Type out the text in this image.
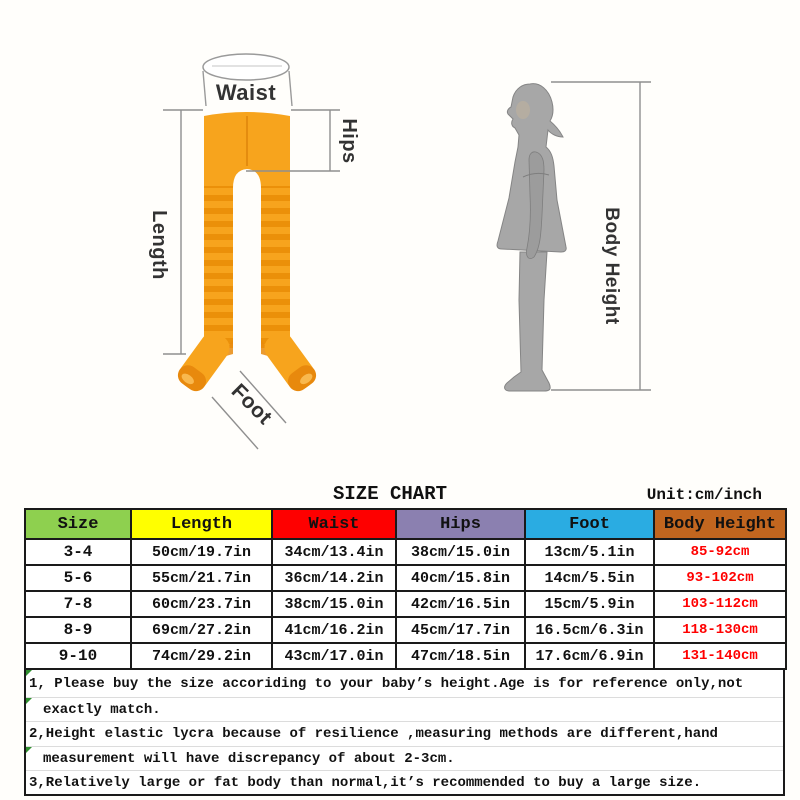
Waist
Length
Hips
Foot
Body Height
SIZE CHART	Unit:cm/inch
Size	Length	Waist	Hips	Foot	Body Height
3-4	50cm/19.7in	34cm/13.4in	38cm/15.0in	13cm/5.1in	85-92cm
5-6	55cm/21.7in	36cm/14.2in	40cm/15.8in	14cm/5.5in	93-102cm
7-8	60cm/23.7in	38cm/15.0in	42cm/16.5in	15cm/5.9in	103-112cm
8-9	69cm/27.2in	41cm/16.2in	45cm/17.7in	16.5cm/6.3in	118-130cm
9-10	74cm/29.2in	43cm/17.0in	47cm/18.5in	17.6cm/6.9in	131-140cm
1, Please buy the size accoriding to your baby’s height.Age is for reference only,not
exactly match.
2,Height elastic lycra because of resilience ,measuring methods are different,hand
measurement will have discrepancy of about 2-3cm.
3,Relatively large or fat body than normal,it’s recommended to buy a large size.
